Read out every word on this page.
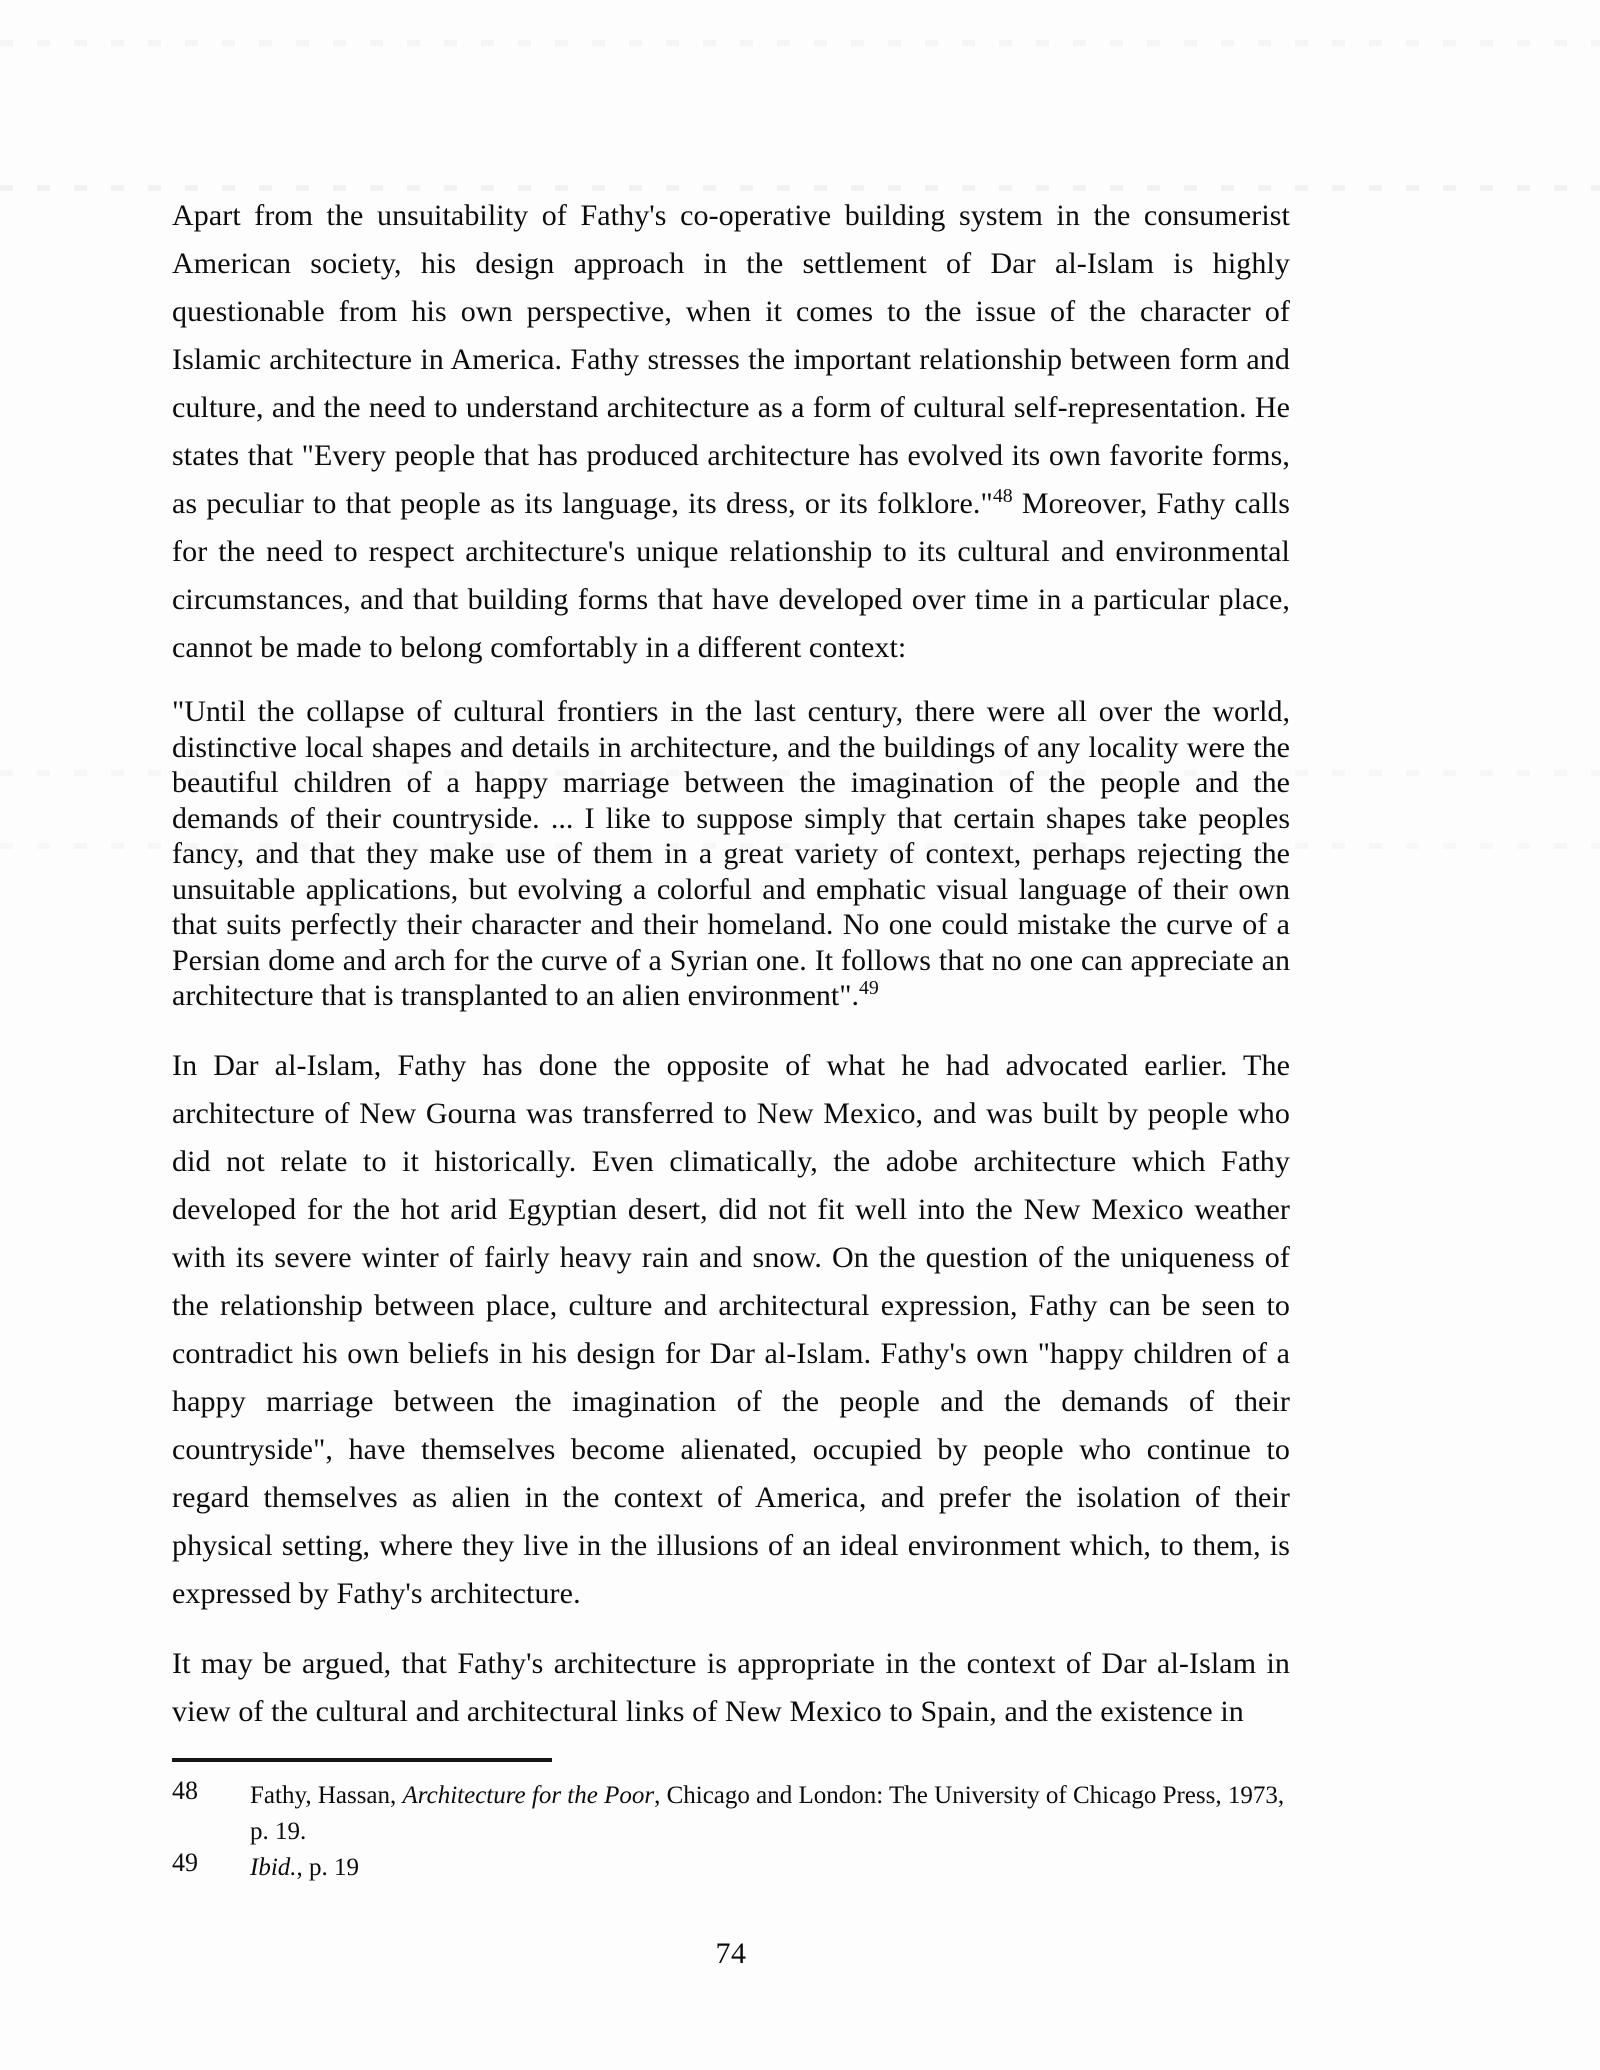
Apart from the unsuitability of Fathy's co-operative building system in the consumerist American society, his design approach in the settlement of Dar al-Islam is highly questionable from his own perspective, when it comes to the issue of the character of Islamic architecture in America. Fathy stresses the important relationship between form and culture, and the need to understand architecture as a form of cultural self-representation. He states that "Every people that has produced architecture has evolved its own favorite forms, as peculiar to that people as its language, its dress, or its folklore."$^{48}$ Moreover, Fathy calls for the need to respect architecture's unique relationship to its cultural and environmental circumstances, and that building forms that have developed over time in a particular place, cannot be made to belong comfortably in a different context:

"Until the collapse of cultural frontiers in the last century, there were all over the world, distinctive local shapes and details in architecture, and the buildings of any locality were the beautiful children of a happy marriage between the imagination of the people and the demands of their countryside. ... I like to suppose simply that certain shapes take peoples fancy, and that they make use of them in a great variety of context, perhaps rejecting the unsuitable applications, but evolving a colorful and emphatic visual language of their own that suits perfectly their character and their homeland. No one could mistake the curve of a Persian dome and arch for the curve of a Syrian one. It follows that no one can appreciate an architecture that is transplanted to an alien environment".$^{49}$

In Dar al-Islam, Fathy has done the opposite of what he had advocated earlier. The architecture of New Gourna was transferred to New Mexico, and was built by people who did not relate to it historically. Even climatically, the adobe architecture which Fathy developed for the hot arid Egyptian desert, did not fit well into the New Mexico weather with its severe winter of fairly heavy rain and snow. On the question of the uniqueness of the relationship between place, culture and architectural expression, Fathy can be seen to contradict his own beliefs in his design for Dar al-Islam. Fathy's own "happy children of a happy marriage between the imagination of the people and the demands of their countryside", have themselves become alienated, occupied by people who continue to regard themselves as alien in the context of America, and prefer the isolation of their physical setting, where they live in the illusions of an ideal environment which, to them, is expressed by Fathy's architecture.

It may be argued, that Fathy's architecture is appropriate in the context of Dar al-Islam in view of the cultural and architectural links of New Mexico to Spain, and the existence in

48	Fathy, Hassan, Architecture for the Poor, Chicago and London: The University of Chicago Press, 1973, p. 19.
49	Ibid., p. 19
74
